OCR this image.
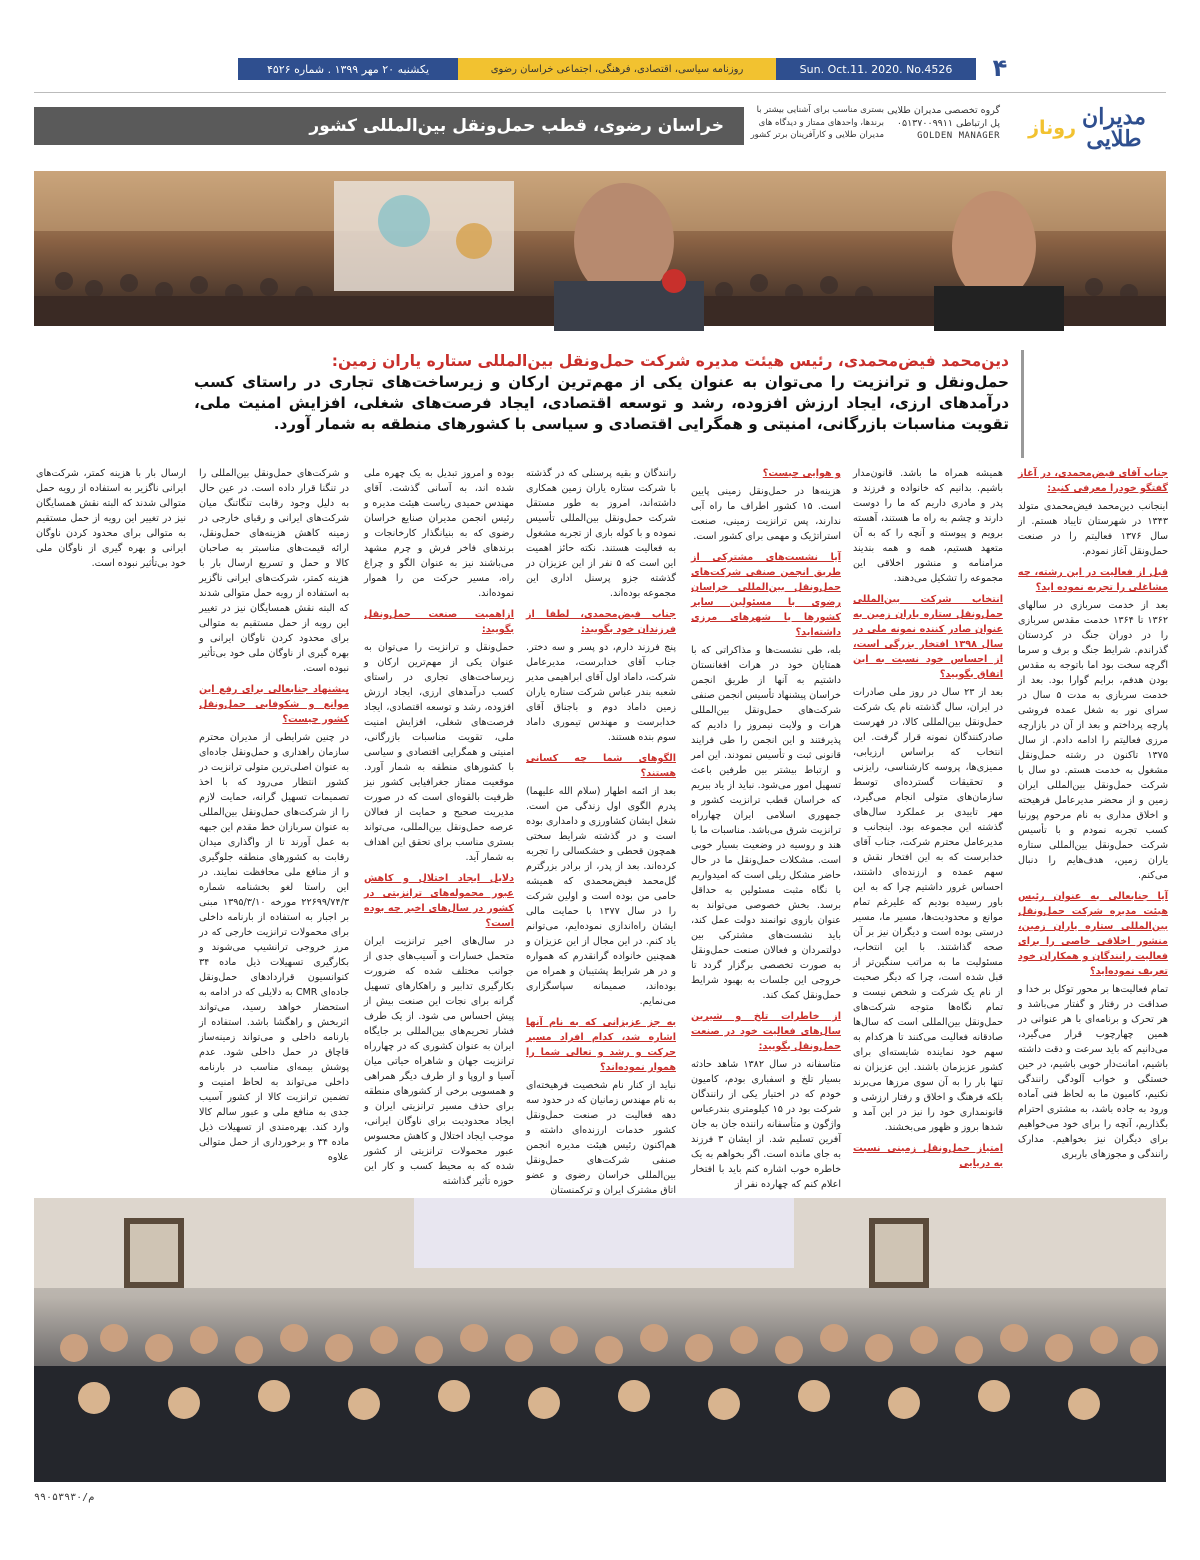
یکشنبه ۲۰ مهر ۱۳۹۹ . شماره ۴۵۲۶	روزنامه سیاسی، اقتصادی، فرهنگی، اجتماعی خراسان رضوی	Sun. Oct.11. 2020. No.4526	۴
مدیران
طلایی
روناز
گروه تخصصی مدیران طلایی
پل ارتباطی ۰۵۱۳۷۰۰۹۹۱۱
GOLDEN MANAGER
بستری مناسب برای آشنایی بیشتر با
برندها، واحدهای ممتاز و دیدگاه های
مدیران طلایی و کارآفرینان برتر کشور
خراسان رضوی، قطب حمل‌ونقل بین‌المللی کشور
دین‌محمد فیض‌محمدی، رئیس هیئت مدیره شرکت حمل‌ونقل بین‌المللی ستاره یاران زمین:
حمل‌ونقل و ترانزیت را می‌توان به عنوان یکی از مهم‌ترین ارکان و زیرساخت‌های تجاری در راستای کسب درآمدهای ارزی، ایجاد ارزش افزوده، رشد و توسعه اقتصادی، ایجاد فرصت‌های شغلی، افزایش امنیت ملی، تقویت مناسبات بازرگانی، امنیتی و همگرایی اقتصادی و سیاسی با کشورهای منطقه به شمار آورد.

جناب آقای فیض‌محمدی، در آغاز گفتگو خودرا معرفی کنید:

اینجانب دین‌محمد فیض‌محمدی متولد ۱۳۴۳ در شهرستان تایباد هستم. از سال ۱۳۷۶ فعالیتم را در صنعت حمل‌ونقل آغاز نمودم.

قبل از فعالیت در این رشته، چه مشاغلی را تجربه نموده اید؟

بعد از خدمت سربازی در سالهای ۱۳۶۲ تا ۱۳۶۴ خدمت مقدس سربازی را در دوران جنگ در کردستان گذراندم. شرایط جنگ و برف و سرما اگرچه سخت بود اما باتوجه به مقدس بودن هدفم، برایم گوارا بود. بعد از خدمت سربازی به مدت ۵ سال در سرای نور به شغل عمده فروشی پارچه پرداختم و بعد از آن در بازارچه مرزی فعالیتم را ادامه دادم. از سال ۱۳۷۵ تاکنون در رشته حمل‌ونقل مشغول به خدمت هستم. دو سال با شرکت حمل‌ونقل بین‌المللی ایران زمین و از محضر مدیرعامل فرهیخته و اخلاق مداری به نام مرحوم پورنیا کسب تجربه نمودم و با تأسیس شرکت حمل‌ونقل بین‌المللی ستاره یاران زمین، هدف‌هایم را دنبال می‌کنم.

آیا جنابعالی به عنوان رئیس هیئت مدیره شرکت حمل‌ونقل بین‌المللی ستاره یاران زمین، منشور اخلاقی خاصی را برای فعالیت رانندگان و همکاران خود تعریف نموده‌اید؟

تمام فعالیت‌ها بر محور توکل بر خدا و صداقت در رفتار و گفتار می‌باشد و هر تحرک و برنامه‌ای با هر عنوانی در همین چهارچوب قرار می‌گیرد، می‌دانیم که باید سرعت و دقت داشته باشیم، امانت‌دار خوبی باشیم، در حین خستگی و خواب آلودگی رانندگی نکنیم، کامیون ما به لحاظ فنی آماده ورود به جاده باشد، به مشتری احترام بگذاریم، آنچه را برای خود می‌خواهیم برای دیگران نیز بخواهیم. مدارک رانندگی و مجوزهای باربری

همیشه همراه ما باشد. قانون‌مدار باشیم. بدانیم که خانواده و فرزند و پدر و مادری داریم که ما را دوست دارند و چشم به راه ما هستند، آهسته برویم و پیوسته و آنچه را که به آن متعهد هستیم، همه و همه بندیند مرامنامه و منشور اخلاقی این مجموعه را تشکیل می‌دهند.

انتخاب شرکت بین‌المللی حمل‌ونقل ستاره یاران زمین به عنوان صادر کننده نمونه ملی در سال ۱۳۹۸ افتخار بزرگی است، از احساس خود نسبت به این اتفاق بگویید؟

بعد از ۲۳ سال در روز ملی صادرات در ایران، سال گذشته نام یک شرکت حمل‌ونقل بین‌المللی کالا، در فهرست صادرکنندگان نمونه قرار گرفت. این انتخاب که براساس ارزیابی، ممیزی‌ها، پروسه کارشناسی، رایزنی و تحقیقات گسترده‌ای توسط سازمان‌های متولی انجام می‌گیرد، مهر تاییدی بر عملکرد سال‌های گذشته این مجموعه بود. اینجانب و مدیرعامل محترم شرکت، جناب آقای خدابرست که به این افتخار نقش و سهم عمده و ارزنده‌ای داشتند، احساس غرور داشتیم چرا که به این باور رسیده بودیم که علیرغم تمام موانع و محدودیت‌ها، مسیر ما، مسیر درستی بوده است و دیگران نیز بر آن صحه گذاشتند. با این انتخاب، مسئولیت ما به مراتب سنگین‌تر از قبل شده است، چرا که دیگر صحبت از نام یک شرکت و شخص نیست و تمام نگاه‌ها متوجه شرکت‌های حمل‌ونقل بین‌المللی است که سال‌ها صادقانه فعالیت می‌کنند تا هرکدام به سهم خود نماینده شایسته‌ای برای کشور عزیزمان باشند. این عزیزان نه تنها بار را به آن سوی مرزها می‌برند بلکه فرهنگ و اخلاق و رفتار ارزشی و قانونمداری خود را نیز در این آمد و شدها بروز و ظهور می‌بخشند.

امتیاز حمل‌ونقل زمینی نسبت به دریایی

و هوایی چیست؟

هزینه‌ها در حمل‌ونقل زمینی پایین است. ۱۵ کشور اطراف ما راه آبی ندارند، پس ترانزیت زمینی، صنعت استراتژیک و مهمی برای کشور است.

آیا نشست‌های مشترکی از طریق انجمن صنفی شرکت‌های حمل‌ونقل بین‌المللی خراسان رضوی با مسئولین سایر کشورها یا شهرهای مرزی داشته‌اید؟

بله، طی نشست‌ها و مذاکراتی که با همتایان خود در هرات افغانستان داشتیم به آنها از طریق انجمن خراسان پیشنهاد تأسیس انجمن صنفی شرکت‌های حمل‌ونقل بین‌المللی هرات و ولایت نیمروز را دادیم که پذیرفتند و این انجمن را طی فرایند قانونی ثبت و تأسیس نمودند. این امر و ارتباط بیشتر بین طرفین باعث تسهیل امور می‌شود. نباید از یاد ببریم که خراسان قطب ترانزیت کشور و جمهوری اسلامی ایران چهارراه ترانزیت شرق می‌باشد. مناسبات ما با هند و روسیه در وضعیت بسیار خوبی است. مشکلات حمل‌ونقل ما در حال حاضر مشکل ریلی است که امیدواریم با نگاه مثبت مسئولین به حداقل برسد. بخش خصوصی می‌تواند به عنوان بازوی توانمند دولت عمل کند، باید نشست‌های مشترکی بین دولتمردان و فعالان صنعت حمل‌ونقل به صورت تخصصی برگزار گردد تا خروجی این جلسات به بهبود شرایط حمل‌ونقل کمک کند.

از خاطرات تلخ و شیرین سال‌های فعالیت خود در صنعت حمل‌ونقل بگویید:

متاسفانه در سال ۱۳۸۲ شاهد حادثه بسیار تلخ و اسفباری بودم، کامیون خودم که در اختیار یکی از رانندگان شرکت بود در ۱۵ کیلومتری بندرعباس واژگون و متأسفانه راننده جان به جان آفرین تسلیم شد. از ایشان ۳ فرزند به جای مانده است. اگر بخواهم به یک خاطره خوب اشاره کنم باید با افتخار اعلام کنم که چهارده نفر از

رانندگان و بقیه پرسنلی که در گذشته با شرکت ستاره یاران زمین همکاری داشته‌اند، امروز به طور مستقل شرکت حمل‌ونقل بین‌المللی تأسیس نموده و با کوله باری از تجربه مشغول به فعالیت هستند. نکته حائز اهمیت این است که ۵ نفر از این عزیزان در گذشته جزو پرسنل اداری این مجموعه بوده‌اند.

جناب فیض‌محمدی، لطفا از فرزندان خود بگویید:

پنج فرزند دارم، دو پسر و سه دختر. جناب آقای خدابرست، مدیرعامل شرکت، داماد اول آقای ابراهیمی مدیر شعبه بندر عباس شرکت ستاره یاران زمین داماد دوم و باجناق آقای خدابرست و مهندس تیموری داماد سوم بنده هستند.

الگوهای شما چه کسانی هستند؟

بعد از ائمه اطهار (سلام الله علیهما) پدرم الگوی اول زندگی من است. شغل ایشان کشاورزی و دامداری بوده است و در گذشته شرایط سختی همچون قحطی و خشکسالی را تجربه کرده‌اند. بعد از پدر، از برادر بزرگترم گل‌محمد فیض‌محمدی که همیشه حامی من بوده است و اولین شرکت را در سال ۱۳۷۷ با حمایت مالی ایشان راه‌اندازی نموده‌ایم، می‌توانم یاد کنم. در این مجال از این عزیزان و همچنین خانواده گرانقدرم که همواره و در هر شرایط پشتیبان و همراه من بوده‌اند، صمیمانه سپاسگزاری می‌نمایم.

به جز عزیزانی که به نام آنها اشاره شد، کدام افراد مسیر حرکت و رشد و تعالی شما را هموار نموده‌اند؟

نباید از کنار نام شخصیت فرهیخته‌ای به نام مهندس زمانیان که در حدود سه دهه فعالیت در صنعت حمل‌ونقل کشور خدمات ارزنده‌ای داشته و هم‌اکنون رئیس هیئت مدیره انجمن صنفی شرکت‌های حمل‌ونقل بین‌المللی خراسان رضوی و عضو اتاق مشترک ایران و ترکمنستان

بوده و امروز تبدیل به یک چهره ملی شده اند، به آسانی گذشت. آقای مهندس حمیدی ریاست هیئت مدیره و رئیس انجمن مدیران صنایع خراسان رضوی که به بنیانگذار کارخانجات و برندهای فاخر فرش و چرم مشهد می‌باشند نیز به عنوان الگو و چراغ راه، مسیر حرکت من را هموار نموده‌اند.

ازاهمیت صنعت حمل‌ونقل بگویید:

حمل‌ونقل و ترانزیت را می‌توان به عنوان یکی از مهم‌ترین ارکان و زیرساخت‌های تجاری در راستای کسب درآمدهای ارزی، ایجاد ارزش افزوده، رشد و توسعه اقتصادی، ایجاد فرصت‌های شغلی، افزایش امنیت ملی، تقویت مناسبات بازرگانی، امنیتی و همگرایی اقتصادی و سیاسی با کشورهای منطقه به شمار آورد. موقعیت ممتاز جغرافیایی کشور نیز ظرفیت بالقوه‌ای است که در صورت مدیریت صحیح و حمایت از فعالان عرصه حمل‌ونقل بین‌المللی، می‌تواند بستری مناسب برای تحقق این اهداف به شمار آید.

دلایل ایجاد اختلال و کاهش عبور محموله‌های ترانزیتی در کشور در سال‌های اخیر چه بوده است؟

در سال‌های اخیر ترانزیت ایران متحمل خسارات و آسیب‌های جدی از جوانب مختلف شده که ضرورت بکارگیری تدابیر و راهکارهای تسهیل گرانه برای نجات این صنعت بیش از پیش احساس می شود. از یک طرف فشار تحریم‌های بین‌المللی بر جایگاه ایران به عنوان کشوری که در چهارراه ترانزیت جهان و شاهراه حیاتی میان آسیا و اروپا و از طرف دیگر همراهی و همسویی برخی از کشورهای منطقه برای حذف مسیر ترانزیتی ایران و ایجاد محدودیت برای ناوگان ایرانی، موجب ایجاد اختلال و کاهش محسوس عبور محمولات ترانزیتی از کشور شده که به محیط کسب و کار این حوزه تأثیر گذاشته

و شرکت‌های حمل‌ونقل بین‌المللی را در تنگنا قرار داده است. در عین حال به دلیل وجود رقابت تنگاتنگ میان شرکت‌های ایرانی و رقبای خارجی در زمینه کاهش هزینه‌های حمل‌ونقل، ارائه قیمت‌های مناسبتر به صاحبان کالا و حمل و تسریع ارسال بار با هزینه کمتر، شرکت‌های ایرانی ناگزیر به استفاده از رویه حمل متوالی شدند که البته نقش همسایگان نیز در تغییر این رویه از حمل مستقیم به متوالی برای محدود کردن ناوگان ایرانی و بهره گیری از ناوگان ملی خود بی‌تأثیر نبوده است.

پیشنهاد جنابعالی برای رفع این موانع و شکوفایی حمل‌ونقل کشور چیست؟

در چنین شرایطی از مدیران محترم سازمان راهداری و حمل‌ونقل جاده‌ای به عنوان اصلی‌ترین متولی ترانزیت در کشور انتظار می‌رود که با اخذ تصمیمات تسهیل گرانه، حمایت لازم را از شرکت‌های حمل‌ونقل بین‌المللی به عنوان سربازان خط مقدم این جبهه به عمل آورند تا از واگذاری میدان رقابت به کشورهای منطقه جلوگیری و از منافع ملی محافظت نمایند. در این راستا لغو بخشنامه شماره ۲۲۶۹۹/۷۴/۳ مورخه ۱۳۹۵/۳/۱۰ مبنی بر اجبار به استفاده از بارنامه داخلی برای محمولات ترانزیت خارجی که در مرز خروجی ترانشیپ می‌شوند و بکارگیری تسهیلات ذیل ماده ۳۴ کنوانسیون قراردادهای حمل‌ونقل جاده‌ای CMR به دلایلی که در ادامه به استحضار خواهد رسید، می‌تواند اثربخش و راهگشا باشد. استفاده از بارنامه داخلی و می‌تواند زمینه‌ساز قاچاق در حمل داخلی شود. عدم پوشش بیمه‌ای مناسب در بارنامه داخلی می‌تواند به لحاظ امنیت و تضمین ترانزیت کالا از کشور آسیب جدی به منافع ملی و عبور سالم کالا وارد کند. بهره‌مندی از تسهیلات ذیل ماده ۳۴ و برخورداری از حمل متوالی علاوه

ارسال بار با هزینه کمتر، شرکت‌های ایرانی ناگزیر به استفاده از رویه حمل متوالی شدند که البته نقش همسایگان نیز در تغییر این رویه از حمل مستقیم به متوالی برای محدود کردن ناوگان ایرانی و بهره گیری از ناوگان ملی خود بی‌تأثیر نبوده است.

م/۹۹۰۵۳۹۳۰
